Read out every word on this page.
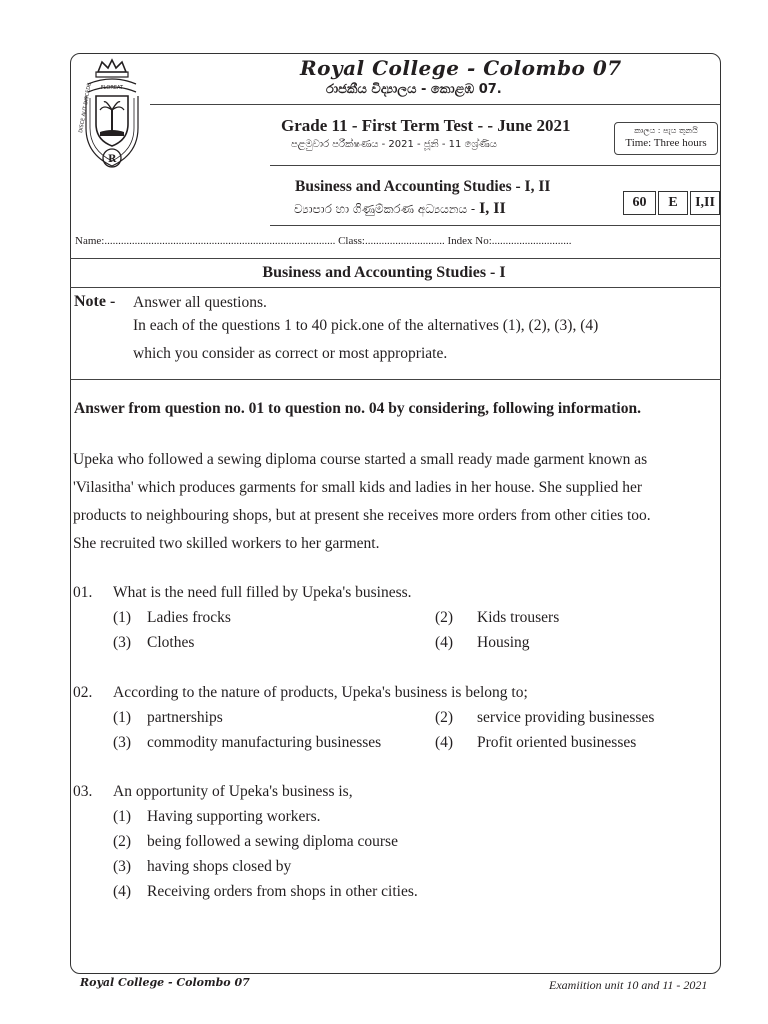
R
FLOREAT
DISCE AUT DISCEDE
Royal College - Colombo 07
රාජකීය විද්‍යාලය - කොළඹ 07.
Grade 11 - First Term Test - - June 2021
පළමුවාර පරීක්ෂණය - 2021 - ජූනි - 11 ශ්‍රේණිය
කාලය : පැය තුනයි
Time: Three hours
Business and Accounting Studies - I, II
ව්‍යාපාර හා ගිණුම්කරණ අධ්‍යයනය - I, II	60	E	I,II
Name:.................................................................................... Class:............................. Index No:.............................
Business and Accounting Studies - I
Note - Answer all questions.
In each of the questions 1 to 40 pick.one of the alternatives (1), (2), (3), (4)
which you consider as correct or most appropriate.
Answer from question no. 01 to question no. 04 by considering, following information.
Upeka who followed a sewing diploma course started a small ready made garment known as
'Vilasitha' which produces garments for small kids and ladies in her house. She supplied her
products to neighbouring shops, but at present she receives more orders from other cities too.
She recruited two skilled workers to her garment.
01. What is the need full filled by Upeka's business.
(1) Ladies frocks	(2) Kids trousers
(3) Clothes	(4) Housing
02. According to the nature of products, Upeka's business is belong to;
(1) partnerships	(2) service providing businesses
(3) commodity manufacturing businesses	(4) Profit oriented businesses
03. An opportunity of Upeka's business is,
(1) Having supporting workers.
(2) being followed a sewing diploma course
(3) having shops closed by
(4) Receiving orders from shops in other cities.
Royal College - Colombo 07	Examiition unit 10 and 11 - 2021
